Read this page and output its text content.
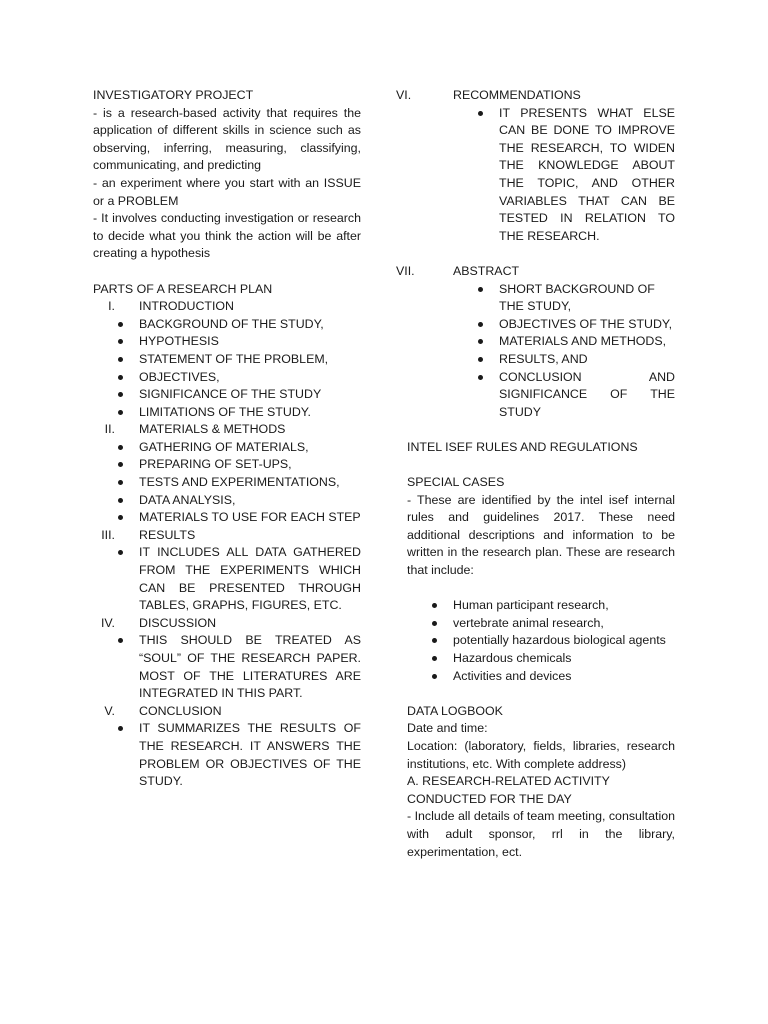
INVESTIGATORY PROJECT

- is a research-based activity that requires the application of different skills in science such as observing, inferring, measuring, classifying, communicating, and predicting

- an experiment where you start with an ISSUE or a PROBLEM

- It involves conducting investigation or research to decide what you think the action will be after creating a hypothesis

PARTS OF A RESEARCH PLAN

I. INTRODUCTION
BACKGROUND OF THE STUDY,
HYPOTHESIS
STATEMENT OF THE PROBLEM,
OBJECTIVES,
SIGNIFICANCE OF THE STUDY
LIMITATIONS OF THE STUDY.
II. MATERIALS & METHODS
GATHERING OF MATERIALS,
PREPARING OF SET-UPS,
TESTS AND EXPERIMENTATIONS,
DATA ANALYSIS,
MATERIALS TO USE FOR EACH STEP
III. RESULTS
IT INCLUDES ALL DATA GATHERED FROM THE EXPERIMENTS WHICH CAN BE PRESENTED THROUGH TABLES, GRAPHS, FIGURES, ETC.
IV. DISCUSSION
THIS SHOULD BE TREATED AS “SOUL” OF THE RESEARCH PAPER. MOST OF THE LITERATURES ARE INTEGRATED IN THIS PART.
V. CONCLUSION
IT SUMMARIZES THE RESULTS OF THE RESEARCH. IT ANSWERS THE PROBLEM OR OBJECTIVES OF THE STUDY.
VI.	RECOMMENDATIONS
IT PRESENTS WHAT ELSE CAN BE DONE TO IMPROVE THE RESEARCH, TO WIDEN THE KNOWLEDGE ABOUT THE TOPIC, AND OTHER VARIABLES THAT CAN BE TESTED IN RELATION TO THE RESEARCH.
VII.	ABSTRACT
SHORT BACKGROUND OF THE STUDY,
OBJECTIVES OF THE STUDY,
MATERIALS AND METHODS,
RESULTS, AND
CONCLUSION AND SIGNIFICANCE OF THE STUDY

INTEL ISEF RULES AND REGULATIONS

SPECIAL CASES

- These are identified by the intel isef internal rules and guidelines 2017. These need additional descriptions and information to be written in the research plan. These are research that include:

Human participant research,
vertebrate animal research,
potentially hazardous biological agents
Hazardous chemicals
Activities and devices

DATA LOGBOOK

Date and time:

Location: (laboratory, fields, libraries, research institutions, etc. With complete address)

A. RESEARCH-RELATED ACTIVITY CONDUCTED FOR THE DAY

- Include all details of team meeting, consultation with adult sponsor, rrl in the library, experimentation, ect.
